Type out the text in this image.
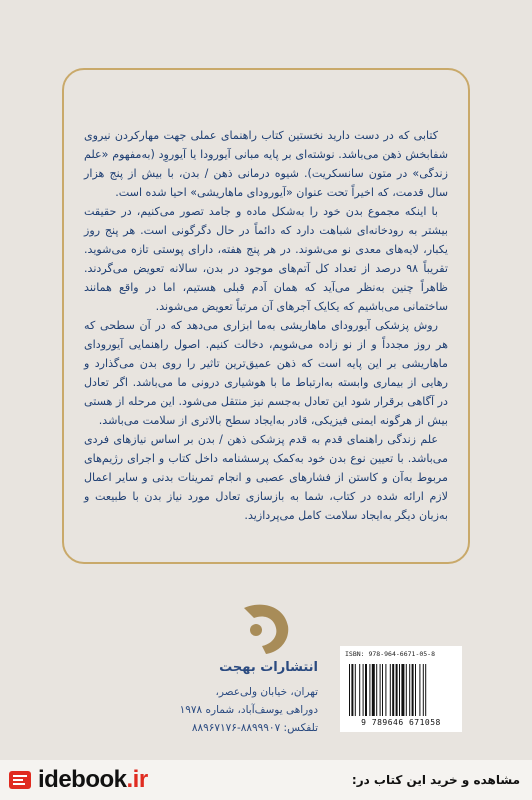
کتابی که در دست دارید نخستین کتاب راهنمای عملی جهت مهارکردن نیروی شفابخش ذهن می‌باشد. نوشته‌ای بر پایه مبانی آیورودا یا آیوروِد (به‌مفهوم «علم زندگی» در متون سانسکریت). شیوه درمانی ذهن / بدن، با بیش از پنج هزار سال قدمت، که اخیراً تحت عنوان «آیورودای ماهاریشی» احیا شده است.

با اینکه مجموع بدن خود را به‌شکل ماده و جامد تصور می‌کنیم، در حقیقت بیشتر به رودخانه‌ای شباهت دارد که دائماً در حال دگرگونی است. هر پنج روز یکبار، لایه‌های معدی نو می‌شوند. در هر پنج هفته، دارای پوستی تازه می‌شوید. تقریباً ۹۸ درصد از تعداد کل آتم‌های موجود در بدن، سالانه تعویض می‌گردند. ظاهراً چنین به‌نظر می‌آید که همان آدم قبلی هستیم، اما در واقع همانند ساختمانی می‌باشیم که یکایک آجرهای آن مرتباً تعویض می‌شوند.

روش پزشکی آیورودای ماهاریشی به‌ما ابزاری می‌دهد که در آن سطحی که هر روز مجدداً و از نو زاده می‌شویم، دخالت کنیم. اصول راهنمایی آیورودای ماهاریشی بر این پایه است که ذهن عمیق‌ترین تاثیر را روی بدن می‌گذارد و رهایی از بیماری وابسته به‌ارتباط ما با هوشیاری درونی ما می‌باشد. اگر تعادل در آگاهی برقرار شود این تعادل به‌جسم نیز منتقل می‌شود. این مرحله از هستی بیش از هرگونه ایمنی فیزیکی، قادر به‌ایجاد سطح بالاتری از سلامت می‌باشد.

علم زندگی راهنمای قدم به قدم پزشکی ذهن / بدن بر اساس نیازهای فردی می‌باشد. با تعیین نوع بدن خود به‌کمک پرسشنامه داخل کتاب و اجرای رژیم‌های مربوط به‌آن و کاستن از فشارهای عصبی و انجام تمرینات بدنی و سایر اعمال لازم ارائه شده در کتاب، شما به بازسازی تعادل مورد نیاز بدن با طبیعت و به‌زبان دیگر به‌ایجاد سلامت کامل می‌پردازید.

انتشارات بهجت
تهران، خیابان ولی‌عصر،
دوراهی یوسف‌آباد، شماره ۱۹۷۸
تلفکس: ۸۸۹۹۹۰۷-۸۸۹۶۷۱۷۶
ISBN: 978-964-6671-05-8
9 789646 671058
idebook.ir	مشاهده و خرید این کتاب در:
